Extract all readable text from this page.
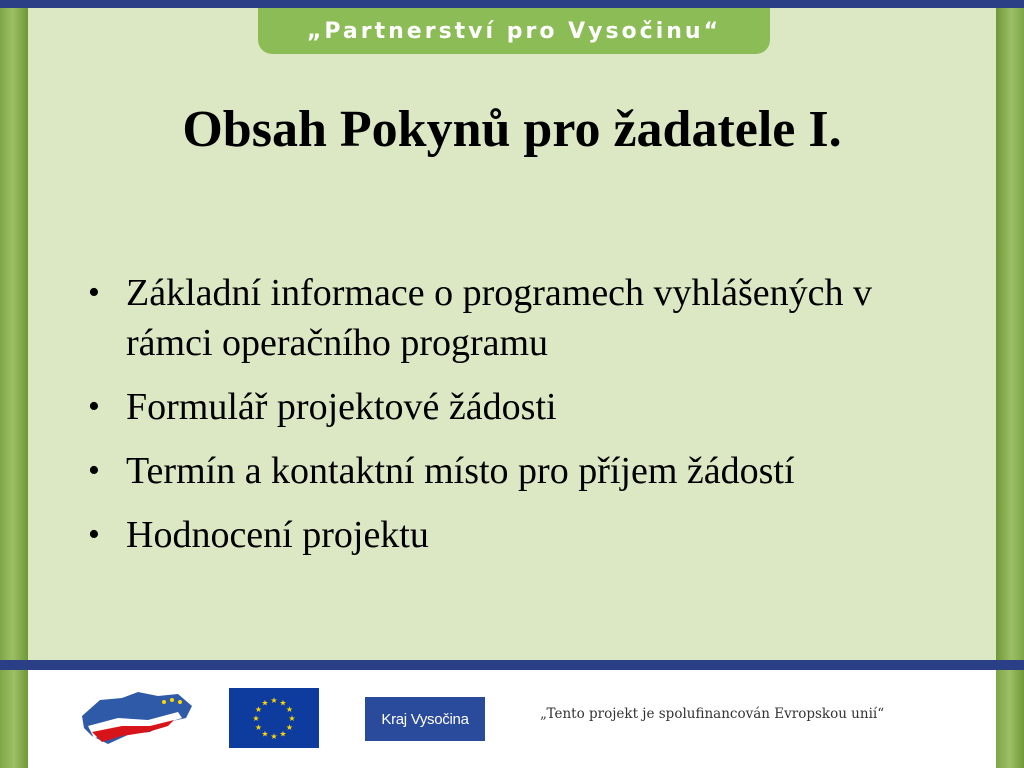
„Partnerství pro Vysočinu“
Obsah Pokynů pro žadatele I.
• Základní informace o programech vyhlášených v rámci operačního programu
• Formulář projektové žádosti
• Termín a kontaktní místo pro příjem žádostí
• Hodnocení projektu
★ ★
★
★
★
★
★
★
★
★
★
★
Kraj Vysočina	„Tento projekt je spolufinancován Evropskou unií“
